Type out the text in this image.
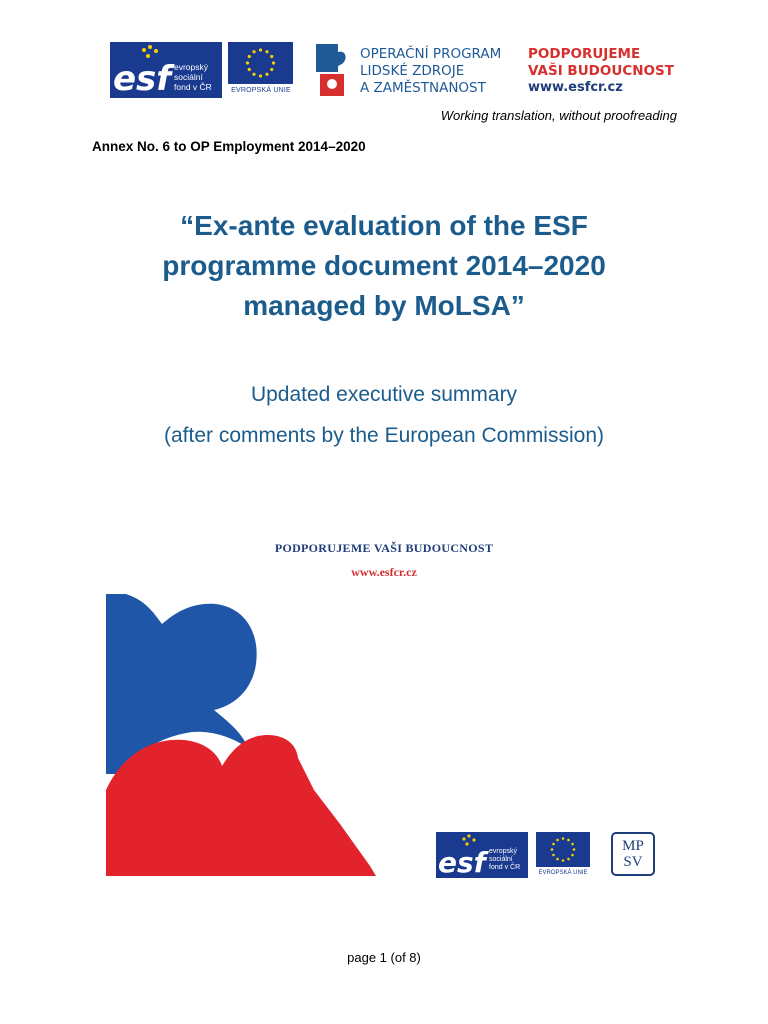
esf evropský
sociální
fond v ČR	EVROPSKÁ UNIE
OPERAČNÍ PROGRAM
LIDSKÉ ZDROJE
A ZAMĚSTNANOST
PODPORUJEME
VAŠI BUDOUCNOST
www.esfcr.cz
Working translation, without proofreading
Annex No. 6 to OP Employment 2014–2020
“Ex-ante evaluation of the ESF
programme document 2014–2020
managed by MoLSA”
Updated executive summary
(after comments by the European Commission)
PODPORUJEME VAŠI BUDOUCNOST
www.esfcr.cz
esf evropský
sociální
fond v ČR
EVROPSKÁ UNIE
MP
SV
page 1 (of 8)
